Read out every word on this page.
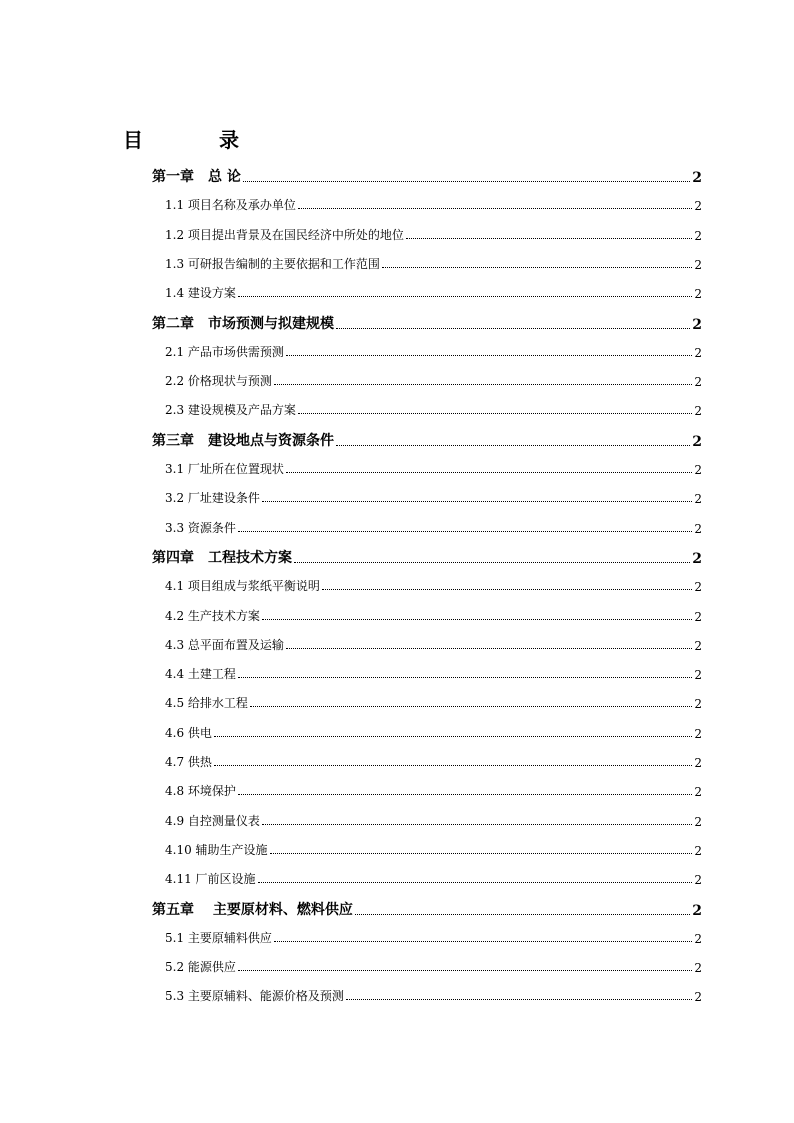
目　录
第一章　总 论	2
1.1 项目名称及承办单位	2
1.2 项目提出背景及在国民经济中所处的地位	2
1.3 可研报告编制的主要依据和工作范围	2
1.4 建设方案	2
第二章　市场预测与拟建规模	2
2.1 产品市场供需预测	2
2.2 价格现状与预测	2
2.3 建设规模及产品方案	2
第三章　建设地点与资源条件	2
3.1 厂址所在位置现状	2
3.2 厂址建设条件	2
3.3 资源条件	2
第四章　工程技术方案	2
4.1 项目组成与浆纸平衡说明	2
4.2 生产技术方案	2
4.3 总平面布置及运输	2
4.4 土建工程	2
4.5 给排水工程	2
4.6 供电	2
4.7 供热	2
4.8 环境保护	2
4.9 自控测量仪表	2
4.10 辅助生产设施	2
4.11 厂前区设施	2
第五章　 主要原材料、燃料供应	2
5.1 主要原辅料供应	2
5.2 能源供应	2
5.3 主要原辅料、能源价格及预测	2
